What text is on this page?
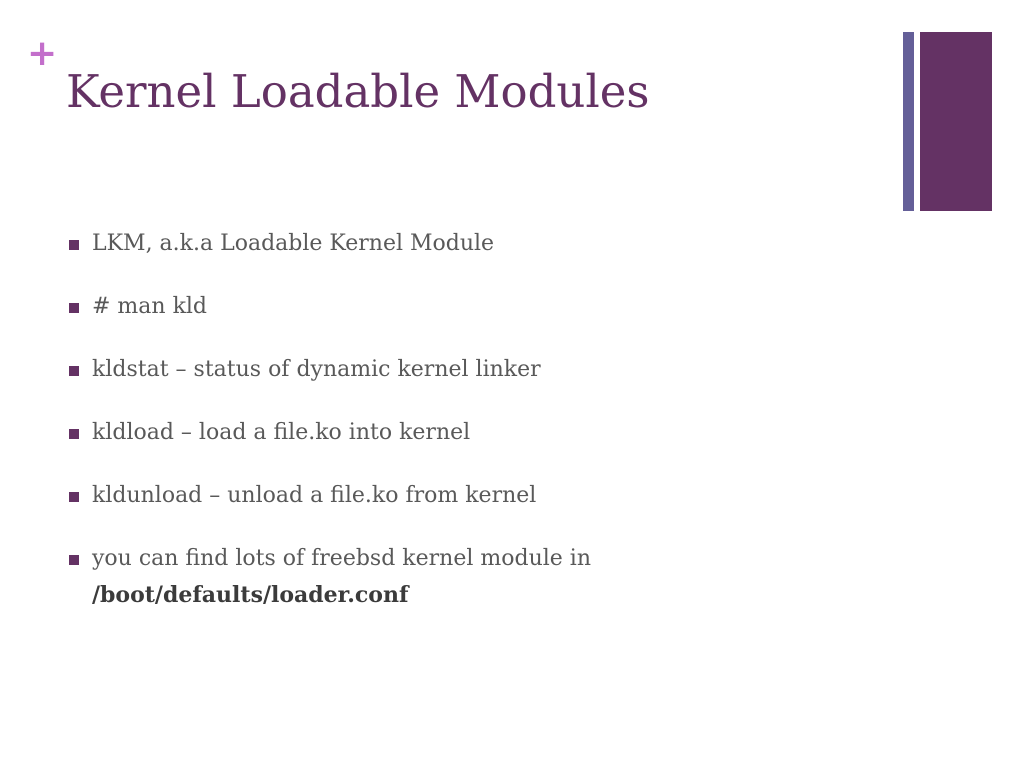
+
Kernel Loadable Modules
LKM, a.k.a Loadable Kernel Module
# man kld
kldstat – status of dynamic kernel linker
kldload – load a file.ko into kernel
kldunload – unload a file.ko from kernel
you can find lots of freebsd kernel module in
/boot/defaults/loader.conf
